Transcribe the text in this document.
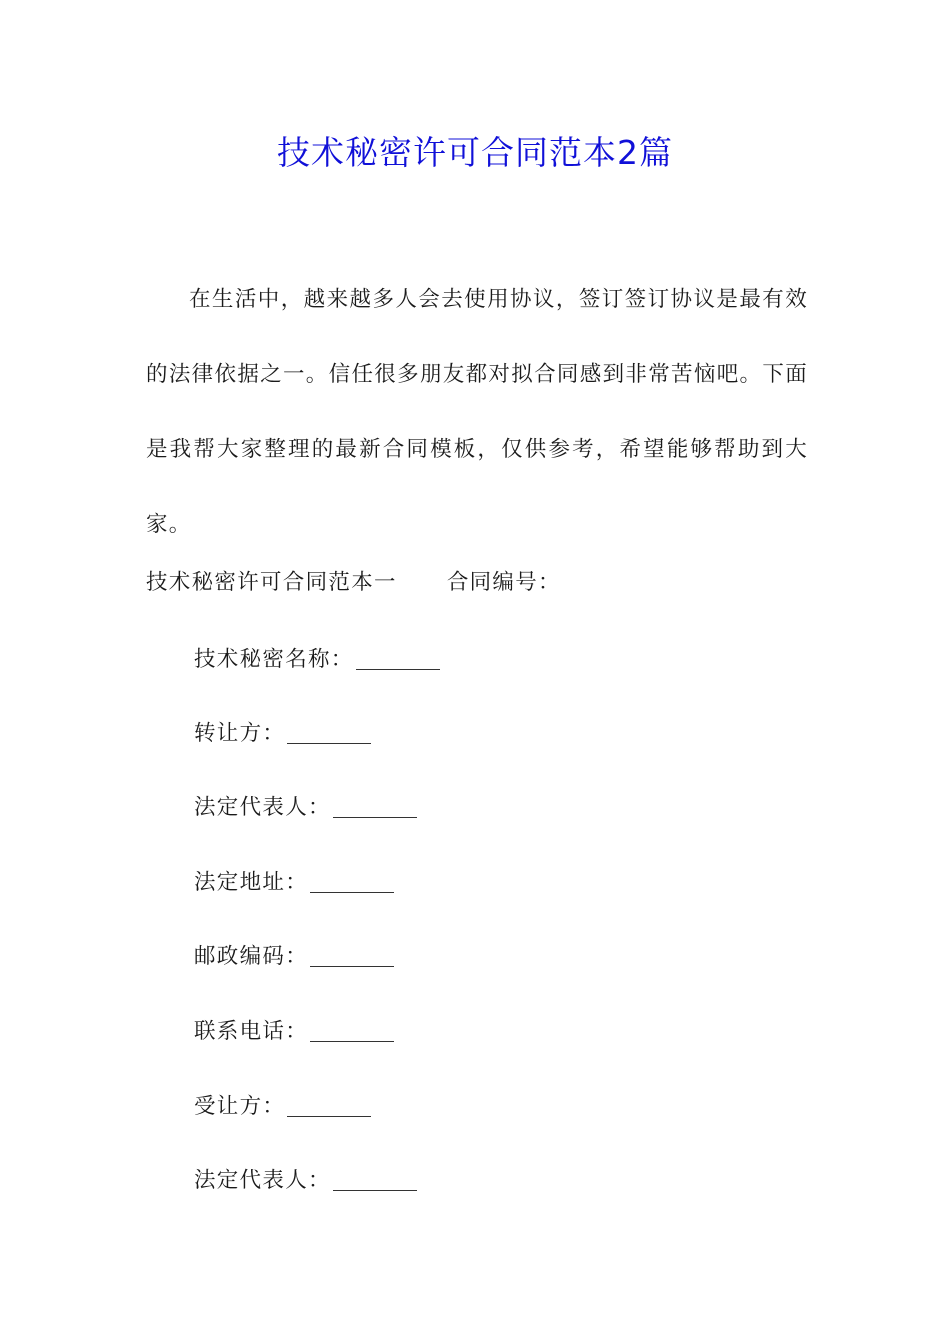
技术秘密许可合同范本2篇

在生活中，越来越多人会去使用协议，签订签订协议是最有效的法律依据之一。信任很多朋友都对拟合同感到非常苦恼吧。下面是我帮大家整理的最新合同模板，仅供参考，希望能够帮助到大家。

技术秘密许可合同范本一 合同编号：
技术秘密名称：
转让方：
法定代表人：
法定地址：
邮政编码：
联系电话：
受让方：
法定代表人：
